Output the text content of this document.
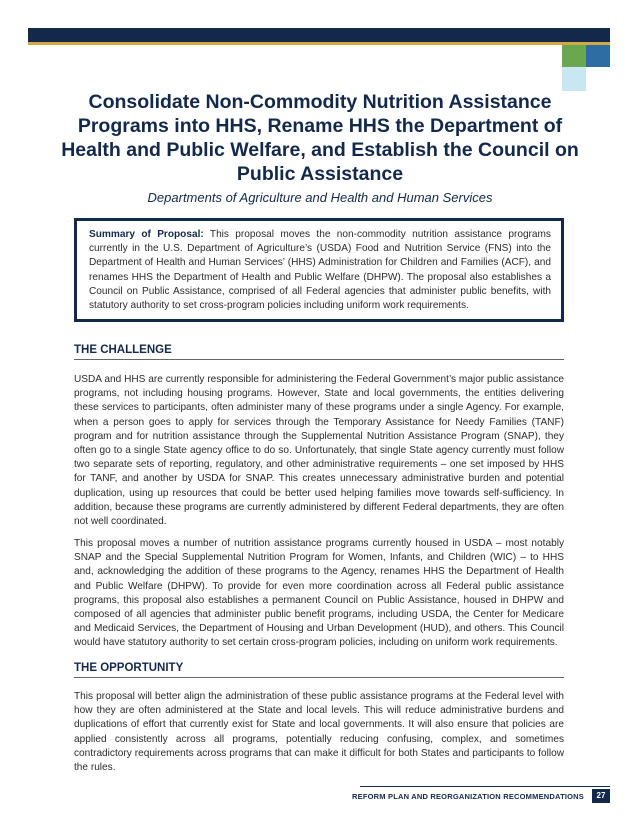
Consolidate Non-Commodity Nutrition Assistance Programs into HHS, Rename HHS the Department of Health and Public Welfare, and Establish the Council on Public Assistance

Departments of Agriculture and Health and Human Services

Summary of Proposal: This proposal moves the non-commodity nutrition assistance programs currently in the U.S. Department of Agriculture’s (USDA) Food and Nutrition Service (FNS) into the Department of Health and Human Services’ (HHS) Administration for Children and Families (ACF), and renames HHS the Department of Health and Public Welfare (DHPW). The proposal also establishes a Council on Public Assistance, comprised of all Federal agencies that administer public benefits, with statutory authority to set cross-program policies including uniform work requirements.
THE CHALLENGE

USDA and HHS are currently responsible for administering the Federal Government’s major public assistance programs, not including housing programs. However, State and local governments, the entities delivering these services to participants, often administer many of these programs under a single Agency. For example, when a person goes to apply for services through the Temporary Assistance for Needy Families (TANF) program and for nutrition assistance through the Supplemental Nutrition Assistance Program (SNAP), they often go to a single State agency office to do so. Unfortunately, that single State agency currently must follow two separate sets of reporting, regulatory, and other administrative requirements – one set imposed by HHS for TANF, and another by USDA for SNAP. This creates unnecessary administrative burden and potential duplication, using up resources that could be better used helping families move towards self-sufficiency. In addition, because these programs are currently administered by different Federal departments, they are often not well coordinated.

This proposal moves a number of nutrition assistance programs currently housed in USDA – most notably SNAP and the Special Supplemental Nutrition Program for Women, Infants, and Children (WIC) – to HHS and, acknowledging the addition of these programs to the Agency, renames HHS the Department of Health and Public Welfare (DHPW). To provide for even more coordination across all Federal public assistance programs, this proposal also establishes a permanent Council on Public Assistance, housed in DHPW and composed of all agencies that administer public benefit programs, including USDA, the Center for Medicare and Medicaid Services, the Department of Housing and Urban Development (HUD), and others. This Council would have statutory authority to set certain cross-program policies, including on uniform work requirements.

THE OPPORTUNITY

This proposal will better align the administration of these public assistance programs at the Federal level with how they are often administered at the State and local levels. This will reduce administrative burdens and duplications of effort that currently exist for State and local governments. It will also ensure that policies are applied consistently across all programs, potentially reducing confusing, complex, and sometimes contradictory requirements across programs that can make it difficult for both States and participants to follow the rules.

REFORM PLAN AND REORGANIZATION RECOMMENDATIONS	27
